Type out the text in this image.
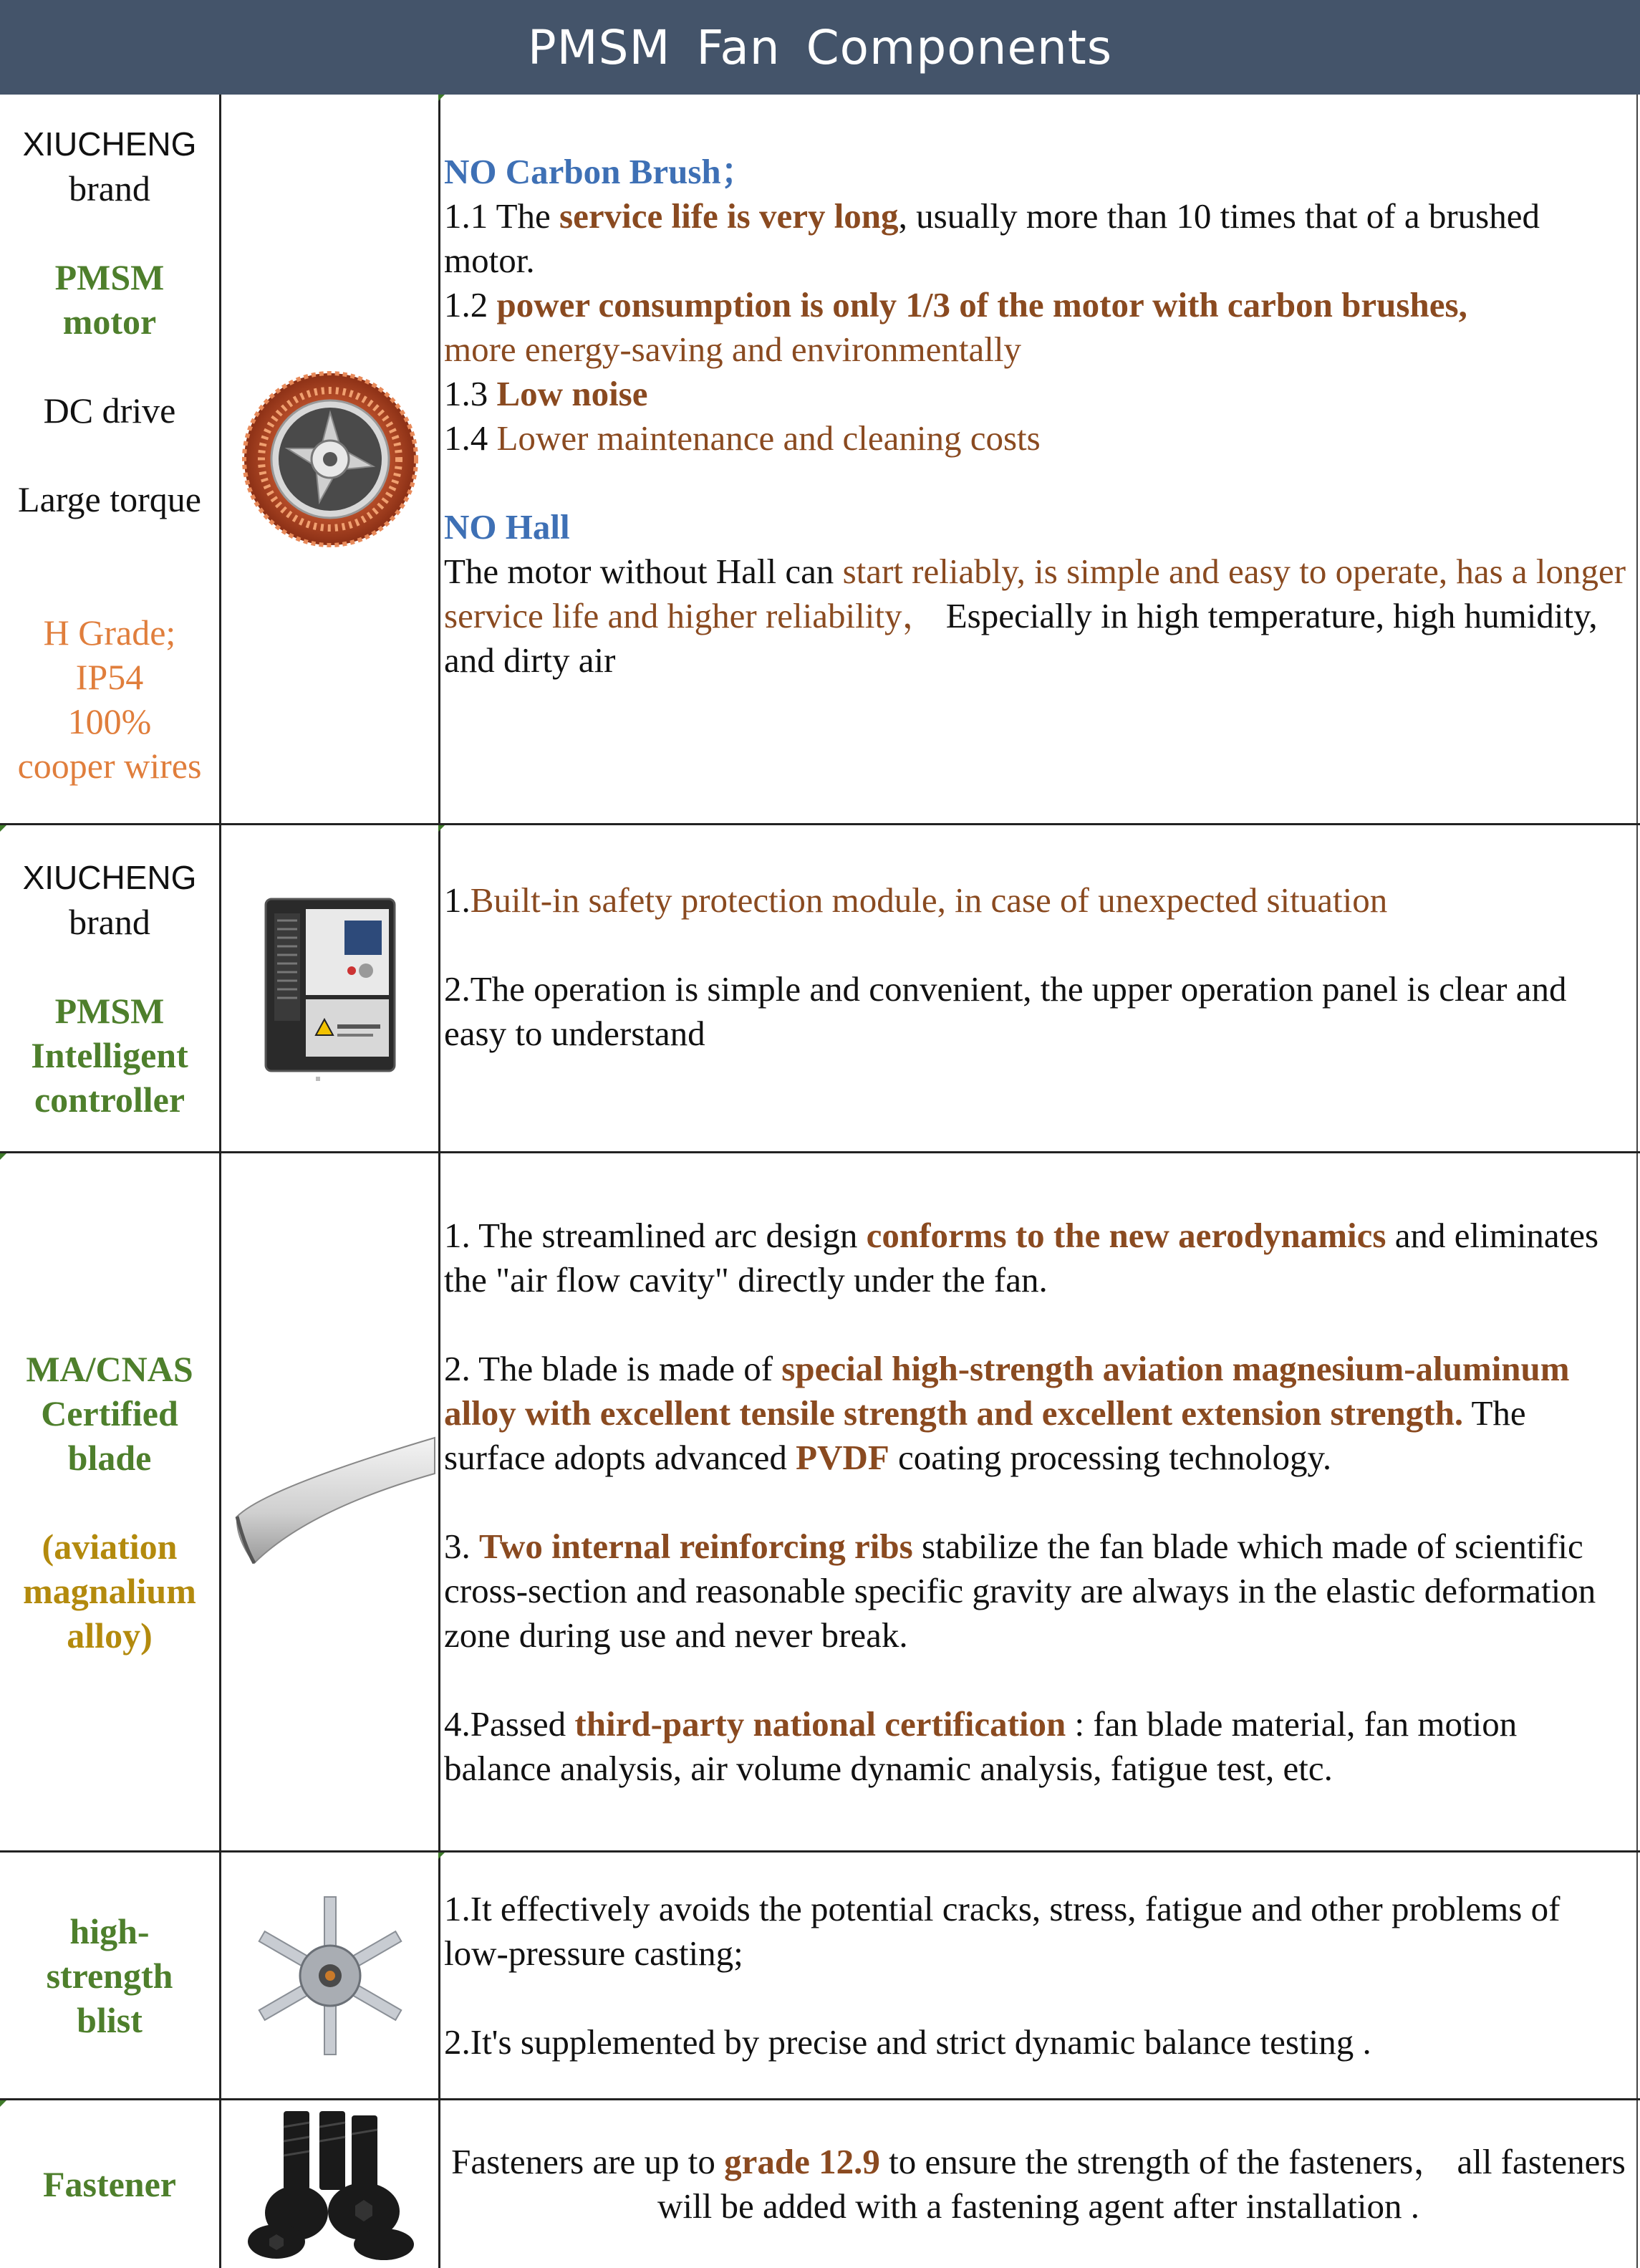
PMSM Fan Components

XIUCHENG

brand

PMSM

motor

DC drive

Large torque

H Grade;

IP54

100%

cooper wires

NO Carbon Brush；

1.1 The service life is very long, usually more than 10 times that of a brushed motor.

1.2 power consumption is only 1/3 of the motor with carbon brushes,

more energy-saving and environmentally

1.3 Low noise

1.4 Lower maintenance and cleaning costs

NO Hall

The motor without Hall can start reliably, is simple and easy to operate, has a longer service life and higher reliability， Especially in high temperature, high humidity, and dirty air

XIUCHENG

brand

PMSM

Intelligent

controller

1.Built-in safety protection module, in case of unexpected situation

2.The operation is simple and convenient, the upper operation panel is clear and easy to understand

MA/CNAS

Certified

blade

(aviation

magnalium

alloy)

1. The streamlined arc design conforms to the new aerodynamics and eliminates the "air flow cavity" directly under the fan.

2. The blade is made of special high-strength aviation magnesium-aluminum alloy with excellent tensile strength and excellent extension strength. The surface adopts advanced PVDF coating processing technology.

3. Two internal reinforcing ribs stabilize the fan blade which made of scientific cross-section and reasonable specific gravity are always in the elastic deformation zone during use and never break.

4.Passed third-party national certification : fan blade material, fan motion balance analysis, air volume dynamic analysis, fatigue test, etc.

high-

strength

blist

1.It effectively avoids the potential cracks, stress, fatigue and other problems of low-pressure casting;

2.It's supplemented by precise and strict dynamic balance testing .

Fastener

Fasteners are up to grade 12.9 to ensure the strength of the fasteners， all fasteners will be added with a fastening agent after installation .
